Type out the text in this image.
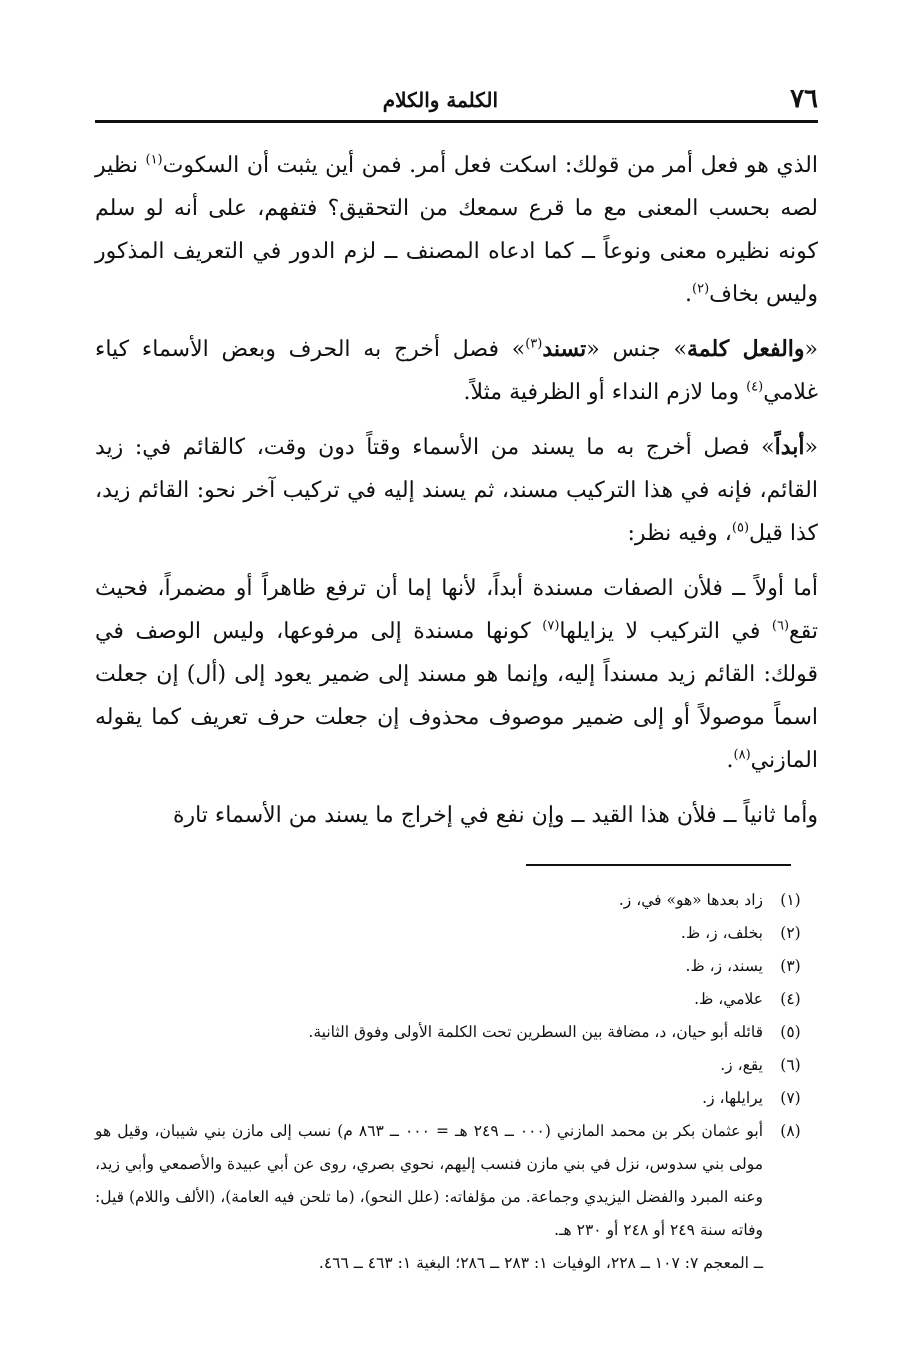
٧٦
الكلمة والكلام

الذي هو فعل أمر من قولك: اسكت فعل أمر. فمن أين يثبت أن السكوت$^{(١)}$ نظير لصه بحسب المعنى مع ما قرع سمعك من التحقيق؟ فتفهم، على أنه لو سلم كونه نظيره معنى ونوعاً ــ كما ادعاه المصنف ــ لزم الدور في التعريف المذكور وليس بخاف$^{(٢)}$.

«والفعل كلمة» جنس «تسند$^{(٣)}$» فصل أخرج به الحرف وبعض الأسماء كياء غلامي$^{(٤)}$ وما لازم النداء أو الظرفية مثلاً.

«أبداً» فصل أخرج به ما يسند من الأسماء وقتاً دون وقت، كالقائم في: زيد القائم، فإنه في هذا التركيب مسند، ثم يسند إليه في تركيب آخر نحو: القائم زيد، كذا قيل$^{(٥)}$، وفيه نظر:

أما أولاً ــ فلأن الصفات مسندة أبداً، لأنها إما أن ترفع ظاهراً أو مضمراً، فحيث تقع$^{(٦)}$ في التركيب لا يزايلها$^{(٧)}$ كونها مسندة إلى مرفوعها، وليس الوصف في قولك: القائم زيد مسنداً إليه، وإنما هو مسند إلى ضمير يعود إلى (أل) إن جعلت اسماً موصولاً أو إلى ضمير موصوف محذوف إن جعلت حرف تعريف كما يقوله المازني$^{(٨)}$.

وأما ثانياً ــ فلأن هذا القيد ــ وإن نفع في إخراج ما يسند من الأسماء تارة

(١)
زاد بعدها «هو» في، ز.
(٢)
بخلف، ز، ظ.
(٣)
يسند، ز، ظ.
(٤)
علامي، ظ.
(٥)
قائله أبو حيان، د، مضافة بين السطرين تحت الكلمة الأولى وفوق الثانية.
(٦)
يقع، ز.
(٧)
يرايلها، ز.
(٨)
أبو عثمان بكر بن محمد المازني (٠٠٠ ــ ٢٤٩ هـ = ٠٠٠ ــ ٨٦٣ م) نسب إلى مازن بني شيبان، وقيل هو مولى بني سدوس، نزل في بني مازن فنسب إليهم، نحوي بصري، روى عن أبي عبيدة والأصمعي وأبي زيد، وعنه المبرد والفضل اليزيدي وجماعة. من مؤلفاته: (علل النحو)، (ما تلحن فيه العامة)، (الألف واللام) قيل: وفاته سنة ٢٤٩ أو ٢٤٨ أو ٢٣٠ هـ.
ــ المعجم ٧: ١٠٧ ــ ٢٢٨، الوفيات ١: ٢٨٣ ــ ٢٨٦؛ البغية ١: ٤٦٣ ــ ٤٦٦.
